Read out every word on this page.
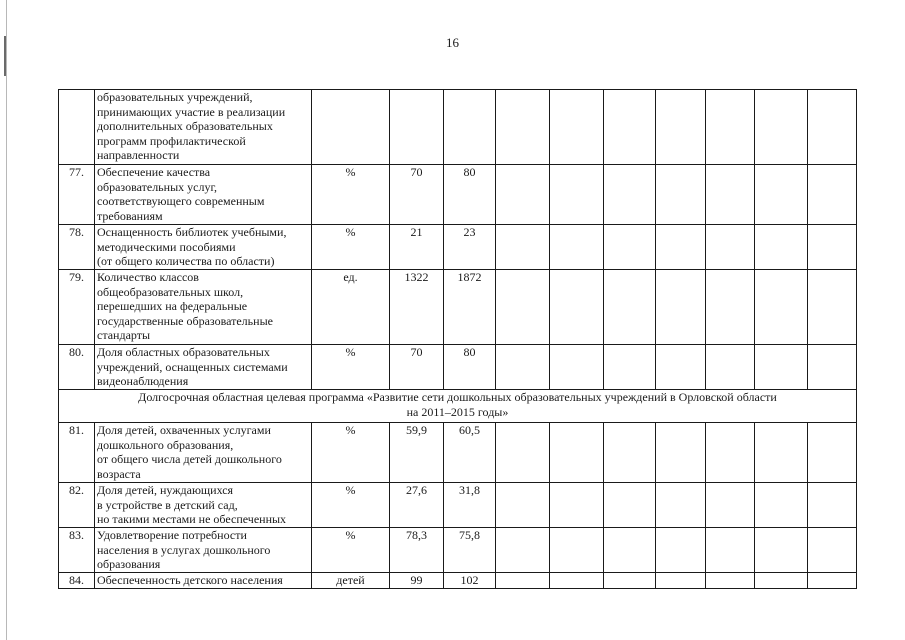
16

	образовательных учреждений,
принимающих участие в реализации
дополнительных образовательных
программ профилактической
направленности										

77.	Обеспечение качества
образовательных услуг,
соответствующего современным
требованиям	%	70	80							
78.	Оснащенность библиотек учебными,
методическими пособиями
(от общего количества по области)	%	21	23							
79.	Количество классов
общеобразовательных школ,
перешедших на федеральные
государственные образовательные
стандарты	ед.	1322	1872							
80.	Доля областных образовательных
учреждений, оснащенных системами
видеонаблюдения	%	70	80							

Долгосрочная областная целевая программа «Развитие сети дошкольных образовательных учреждений в Орловской области
на 2011–2015 годы»											

81.	Доля детей, охваченных услугами
дошкольного образования,
от общего числа детей дошкольного
возраста	%	59,9	60,5							
82.	Доля детей, нуждающихся
в устройстве в детский сад,
но такими местами не обеспеченных	%	27,6	31,8							
83.	Удовлетворение потребности
населения в услугах дошкольного
образования	%	78,3	75,8							
84.	Обеспеченность детского населения	детей	99	102							
